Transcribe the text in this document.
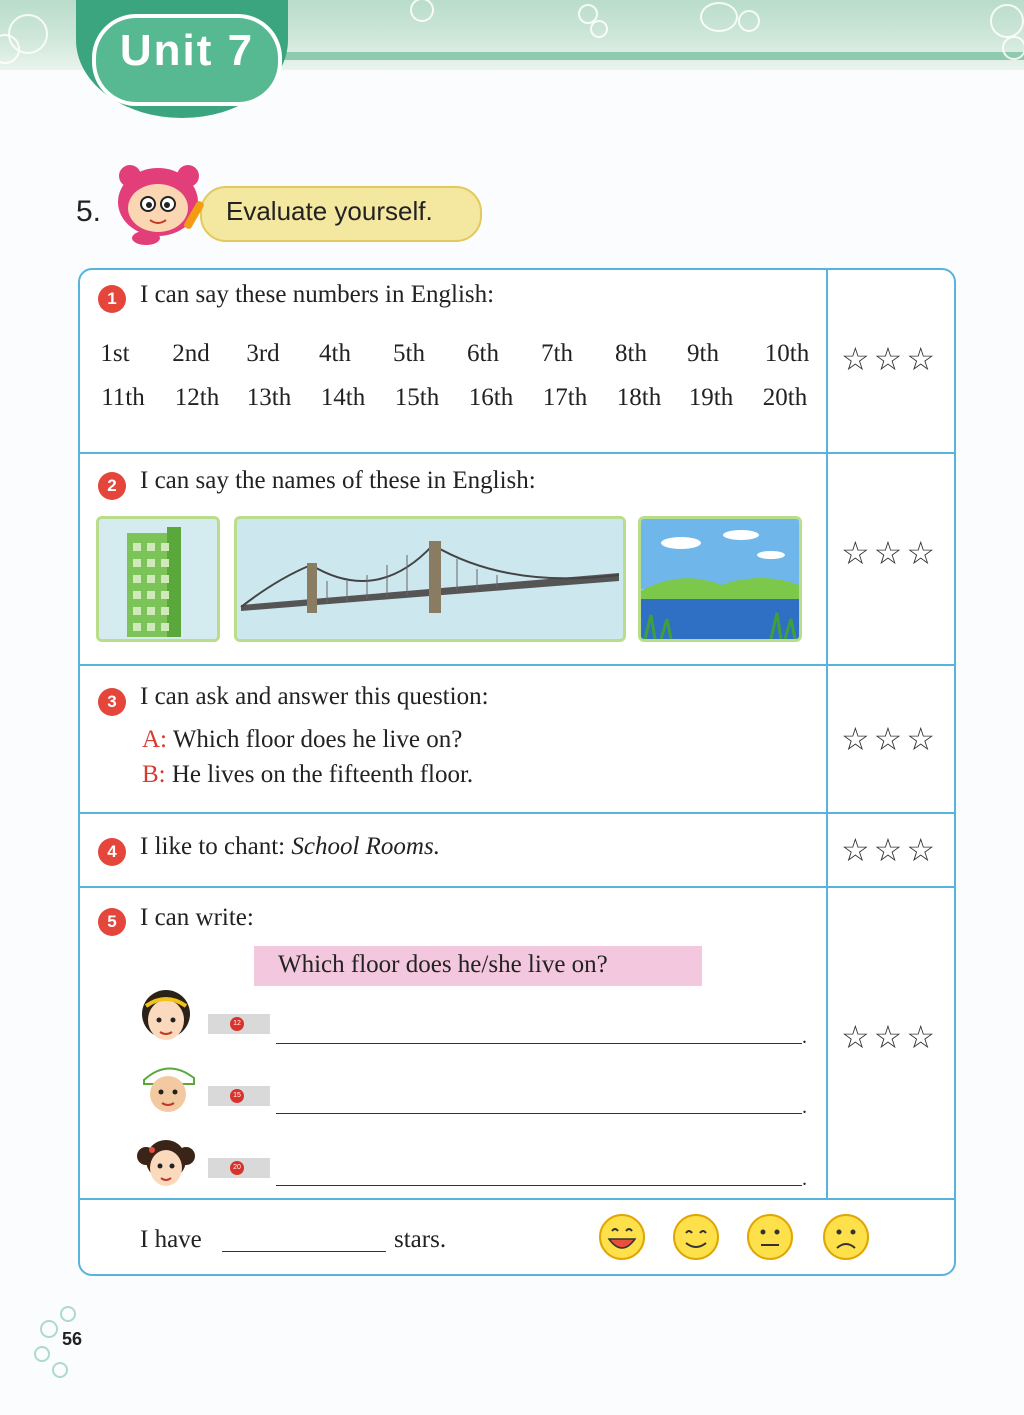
Unit 7
5.	Evaluate yourself.
1 I can say these numbers in English:
1st	2nd	3rd	4th	5th	6th	7th	8th	9th	10th
11th	12th	13th	14th	15th	16th	17th	18th	19th	20th
☆☆☆
2 I can say the names of these in English:
☆☆☆
3 I can ask and answer this question:
A: Which floor does he live on?
B: He lives on the fifteenth floor.
☆☆☆
4 I like to chant: School Rooms.	☆☆☆
5 I can write:
Which floor does he/she live on?
12
.
15
.
20
.
☆☆☆
I have	stars.
56
